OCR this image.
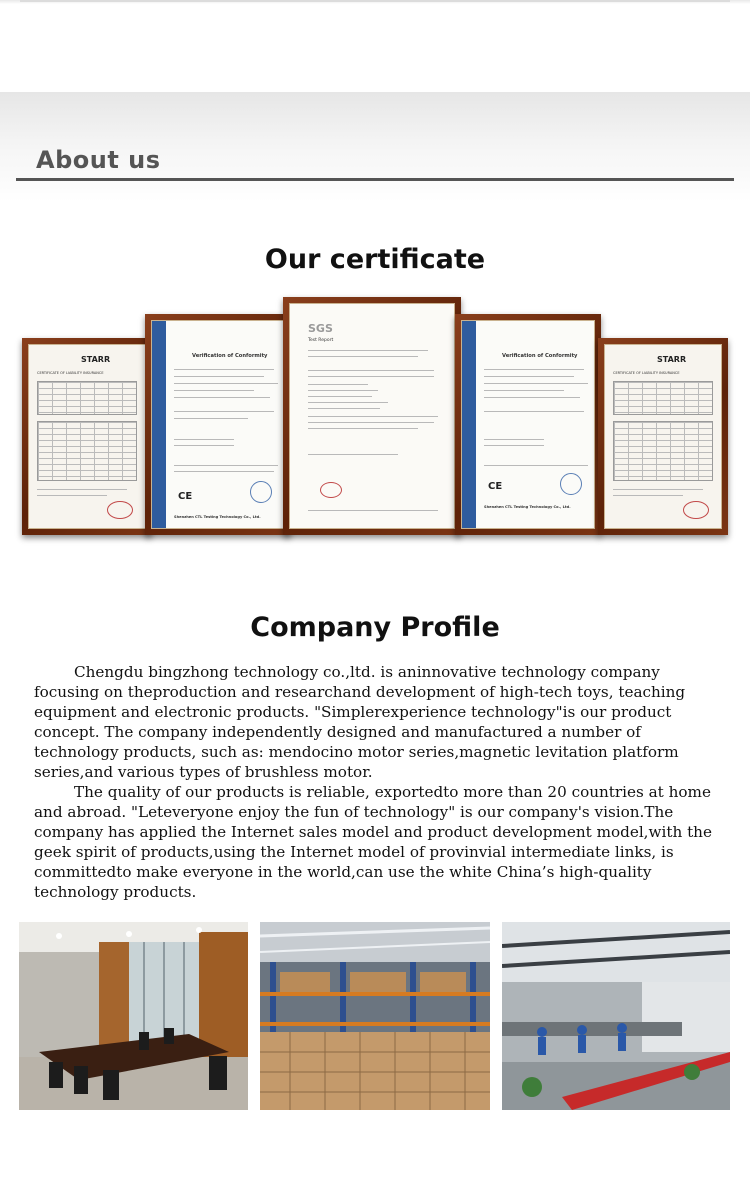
About us
Our certificate
STARR
CERTIFICATE OF LIABILITY INSURANCE
Verification of Conformity
CE
Shenzhen CTL Testing Technology Co., Ltd.
SGS
Test Report
Verification of Conformity
CE
Shenzhen CTL Testing Technology Co., Ltd.
STARR
CERTIFICATE OF LIABILITY INSURANCE
Company Profile

Chengdu bingzhong technology co.,ltd. is aninnovative technology company focusing on theproduction and researchand development of high-tech toys, teaching equipment and electronic products. "Simplerexperience technology"is our product concept. The company independently designed and manufactured a number of technology products, such as: mendocino motor series,magnetic levitation platform series,and various types of brushless motor.

The quality of our products is reliable, exportedto more than 20 countries at home and abroad. "Leteveryone enjoy the fun of technology" is our company's vision.The company has applied the Internet sales model and product development model,with the geek spirit of products,using the Internet model of provinvial intermediate links, is committedto make everyone in the world,can use the white China’s high-quality technology products.
